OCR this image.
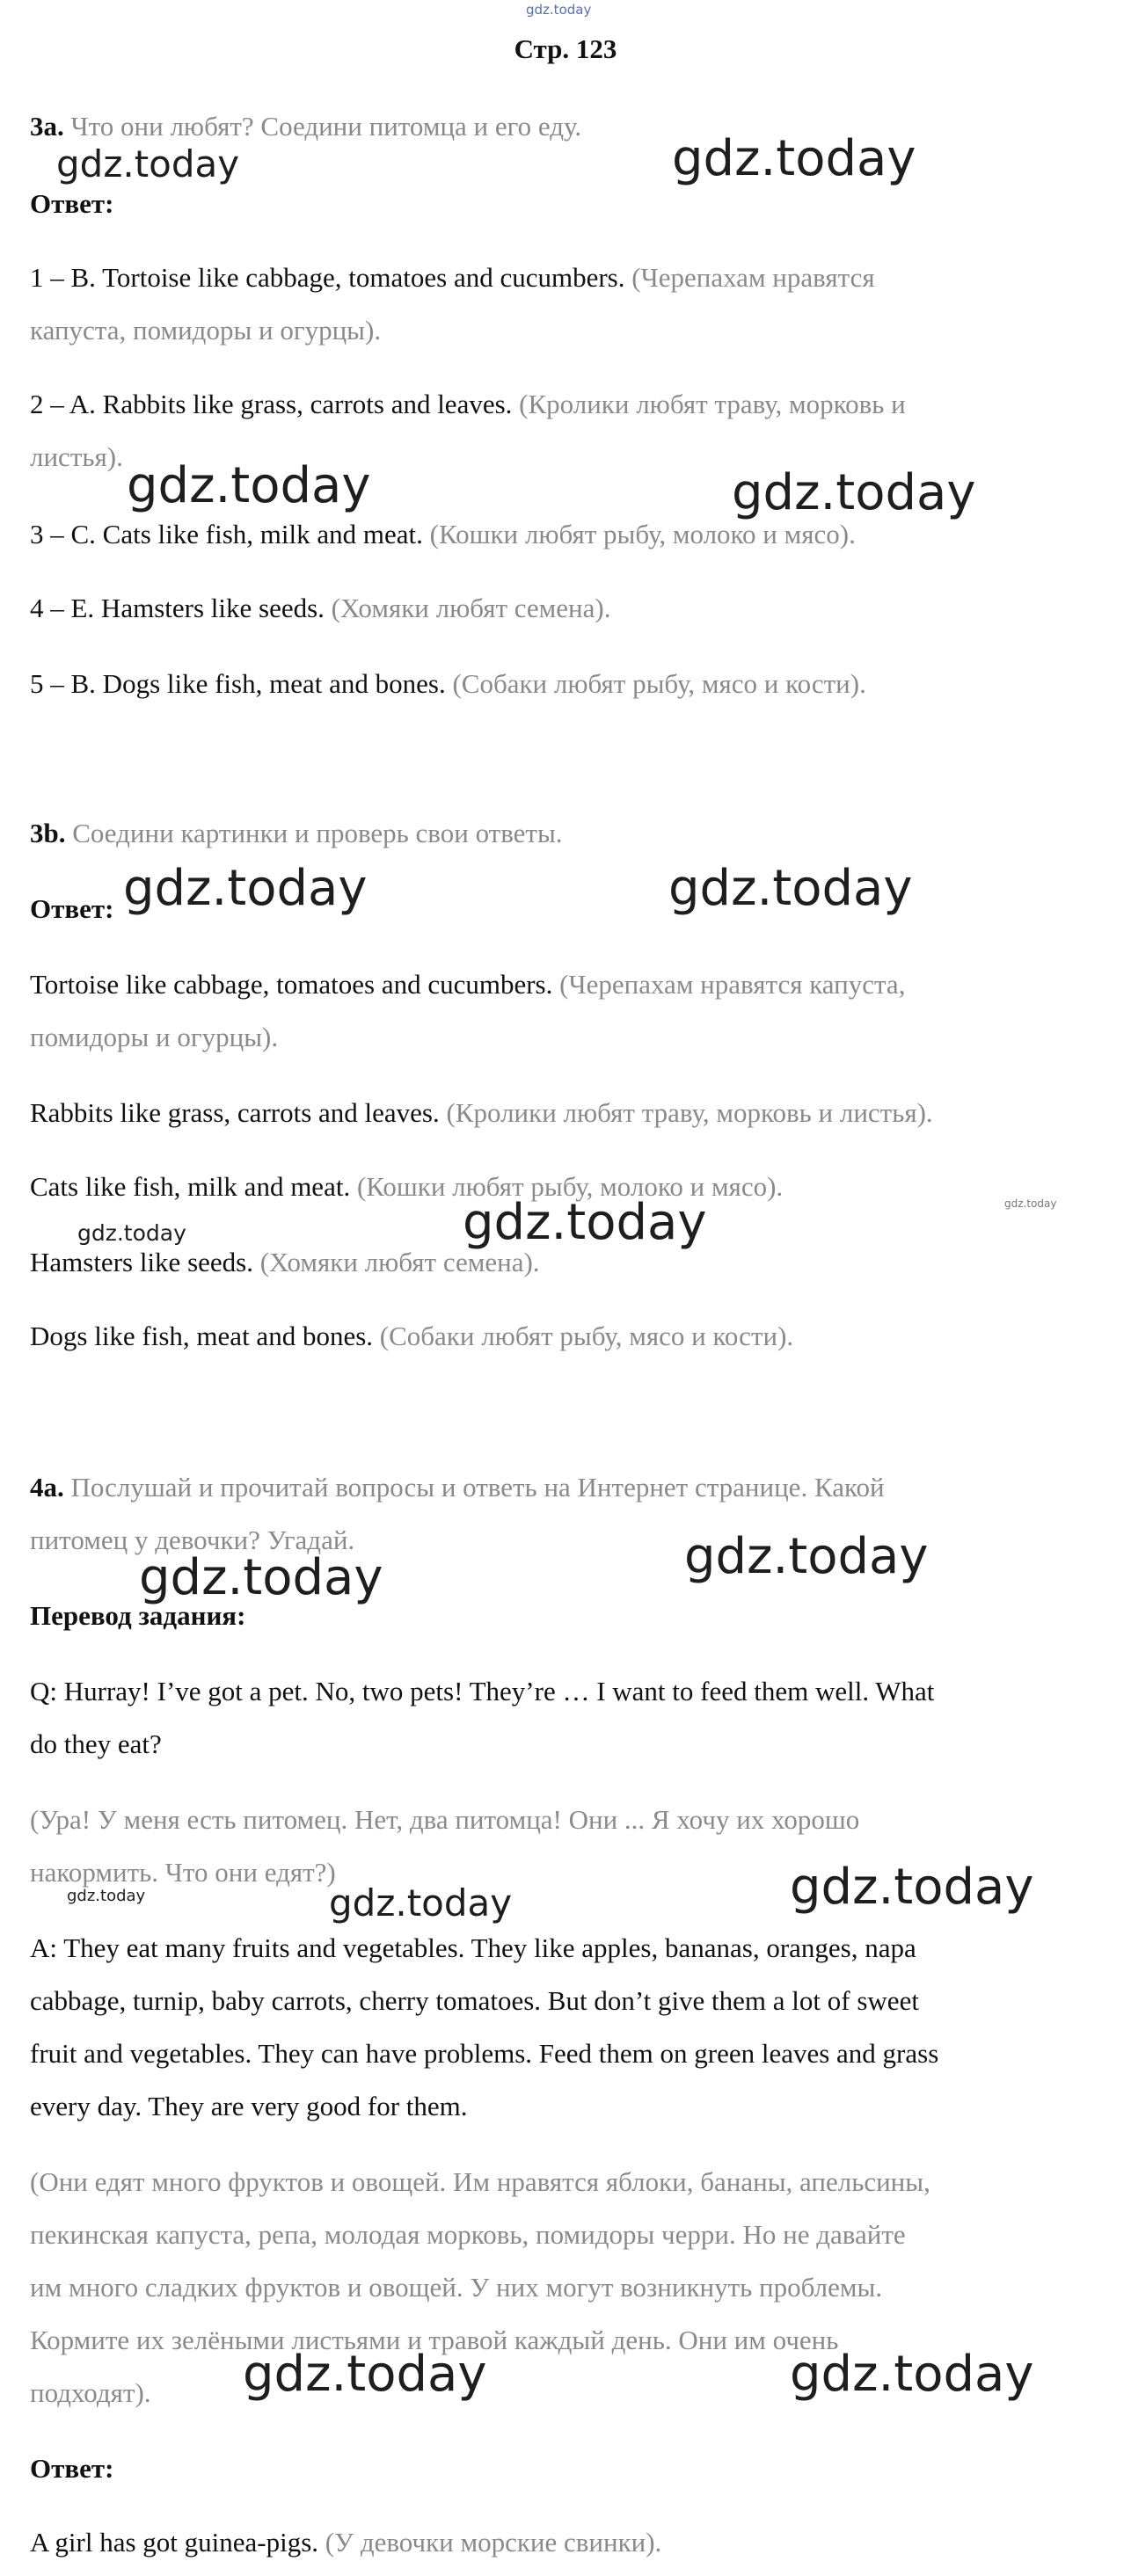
gdz.today
Стр. 123
3a. Что они любят? Соедини питомца и его еду.
Ответ:
1 – B. Tortoise like cabbage, tomatoes and cucumbers. (Черепахам нравятся
капуста, помидоры и огурцы).
2 – A. Rabbits like grass, carrots and leaves. (Кролики любят траву, морковь и
листья).
3 – C. Cats like fish, milk and meat. (Кошки любят рыбу, молоко и мясо).
4 – E. Hamsters like seeds. (Хомяки любят семена).
5 – B. Dogs like fish, meat and bones. (Собаки любят рыбу, мясо и кости).
3b. Соедини картинки и проверь свои ответы.
Ответ:
Tortoise like cabbage, tomatoes and cucumbers. (Черепахам нравятся капуста,
помидоры и огурцы).
Rabbits like grass, carrots and leaves. (Кролики любят траву, морковь и листья).
Cats like fish, milk and meat. (Кошки любят рыбу, молоко и мясо).
Hamsters like seeds. (Хомяки любят семена).
Dogs like fish, meat and bones. (Собаки любят рыбу, мясо и кости).
4a. Послушай и прочитай вопросы и ответь на Интернет странице. Какой
питомец у девочки? Угадай.
Перевод задания:
Q: Hurray! I’ve got a pet. No, two pets! They’re … I want to feed them well. What
do they eat?
(Ура! У меня есть питомец. Нет, два питомца! Они ... Я хочу их хорошо
накормить. Что они едят?)
A: They eat many fruits and vegetables. They like apples, bananas, oranges, napa
cabbage, turnip, baby carrots, cherry tomatoes. But don’t give them a lot of sweet
fruit and vegetables. They can have problems. Feed them on green leaves and grass
every day. They are very good for them.
(Они едят много фруктов и овощей. Им нравятся яблоки, бананы, апельсины,
пекинская капуста, репа, молодая морковь, помидоры черри. Но не давайте
им много сладких фруктов и овощей. У них могут возникнуть проблемы.
Кормите их зелёными листьями и травой каждый день. Они им очень
подходят).
Ответ:
A girl has got guinea-pigs. (У девочки морские свинки).
gdz.today	gdz.today
gdz.today	gdz.today
gdz.today	gdz.today
gdz.today
gdz.today	gdz.today
gdz.today
gdz.today
gdz.today	gdz.today	gdz.today
gdz.today	gdz.today
